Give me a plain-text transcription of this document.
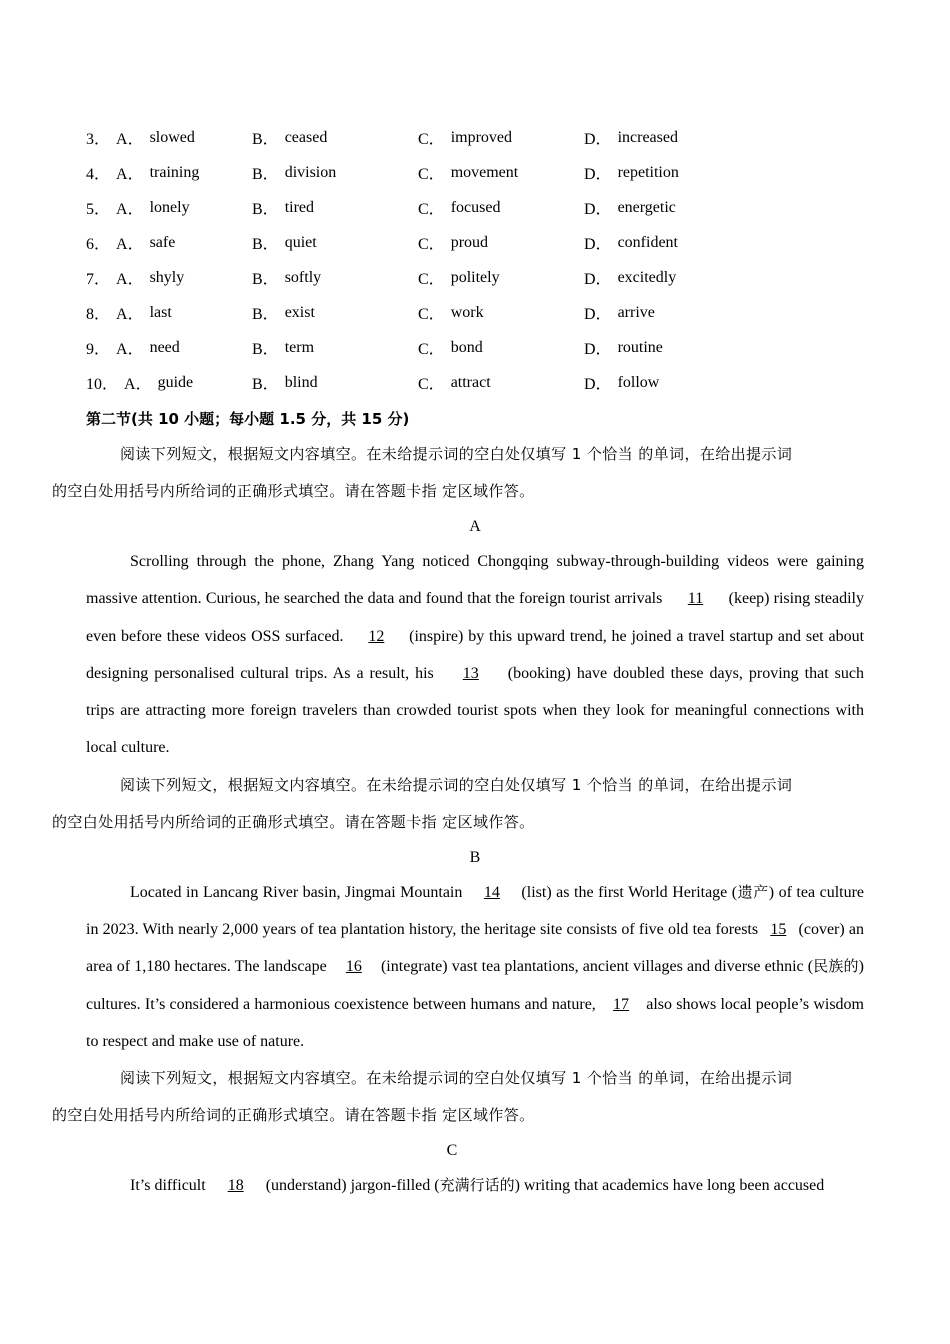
3． A． slowed	B． ceased	C． improved	D． increased
4． A． training	B． division	C． movement	D． repetition
5． A． lonely	B． tired	C． focused	D． energetic
6． A． safe	B． quiet	C． proud	D． confident
7． A． shyly	B． softly	C． politely	D． excitedly
8． A． last	B． exist	C． work	D． arrive
9． A． need	B． term	C． bond	D． routine
10． A． guide	B． blind	C． attract	D． follow
第二节(共 10 小题；每小题 1.5 分，共 15 分)

阅读下列短文，根据短文内容填空。在未给提示词的空白处仅填写 1 个恰当 的单词，在给出提示词
的空白处用括号内所给词的正确形式填空。请在答题卡指 定区域作答。

A

Scrolling through the phone, Zhang Yang noticed Chongqing subway-through-building videos were gaining massive attention. Curious, he searched the data and found that the foreign tourist arrivals 11 (keep) rising steadily even before these videos OSS surfaced. 12 (inspire) by this upward trend, he joined a travel startup and set about designing personalised cultural trips. As a result, his 13 (booking) have doubled these days, proving that such trips are attracting more foreign travelers than crowded tourist spots when they look for meaningful connections with local culture.

阅读下列短文，根据短文内容填空。在未给提示词的空白处仅填写 1 个恰当 的单词，在给出提示词
的空白处用括号内所给词的正确形式填空。请在答题卡指 定区域作答。

B

Located in Lancang River basin, Jingmai Mountain 14 (list) as the first World Heritage (遗产) of tea culture in 2023. With nearly 2,000 years of tea plantation history, the heritage site consists of five old tea forests 15 (cover) an area of 1,180 hectares. The landscape 16 (integrate) vast tea plantations, ancient villages and diverse ethnic (民族的) cultures. It’s considered a harmonious coexistence between humans and nature, 17 also shows local people’s wisdom to respect and make use of nature.

阅读下列短文，根据短文内容填空。在未给提示词的空白处仅填写 1 个恰当 的单词，在给出提示词
的空白处用括号内所给词的正确形式填空。请在答题卡指 定区域作答。

C

It’s difficult 18 (understand) jargon-filled (充满行话的) writing that academics have long been accused
